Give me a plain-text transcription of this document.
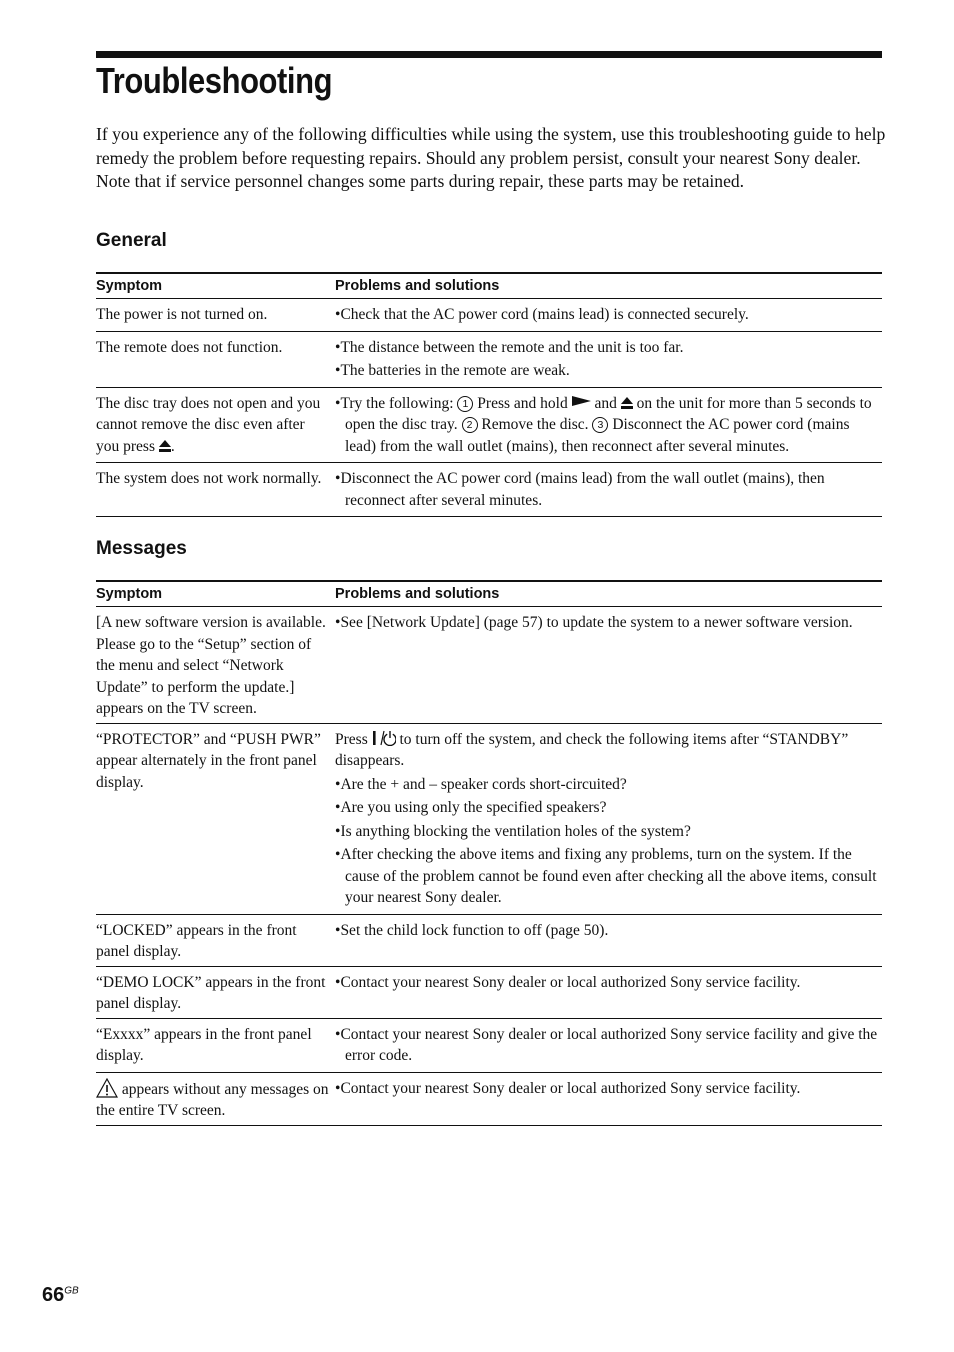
Troubleshooting

If you experience any of the following difficulties while using the system, use this troubleshooting guide to help remedy the problem before requesting repairs. Should any problem persist, consult your nearest Sony dealer.

Note that if service personnel changes some parts during repair, these parts may be retained.

General
Symptom	Problems and solutions
The power is not turned on.	• Check that the AC power cord (mains lead) is connected securely.

The remote does not function.	• The distance between the remote and the unit is too far.

• The batteries in the remote are weak.

The disc tray does not open and you cannot remove the disc even after you press .	• Try the following: 1 Press and hold and on the unit for more than 5 seconds to open the disc tray. 2 Remove the disc. 3 Disconnect the AC power cord (mains lead) from the wall outlet (mains), then reconnect after several minutes.

The system does not work normally.	• Disconnect the AC power cord (mains lead) from the wall outlet (mains), then reconnect after several minutes.

Messages
Symptom	Problems and solutions
[A new software version is available. Please go to the “Setup” section of the menu and select “Network Update” to perform the update.] appears on the TV screen.	• See [Network Update] (page 57) to update the system to a newer software version.

“PROTECTOR” and “PUSH PWR” appear alternately in the front panel display.	Press to turn off the system, and check the following items after “STANDBY” disappears.

• Are the + and – speaker cords short-circuited?

• Are you using only the specified speakers?

• Is anything blocking the ventilation holes of the system?

• After checking the above items and fixing any problems, turn on the system. If the cause of the problem cannot be found even after checking all the above items, consult your nearest Sony dealer.

“LOCKED” appears in the front panel display.	• Set the child lock function to off (page 50).

“DEMO LOCK” appears in the front panel display.	• Contact your nearest Sony dealer or local authorized Sony service facility.

“Exxxx” appears in the front panel display.	• Contact your nearest Sony dealer or local authorized Sony service facility and give the error code.

appears without any messages on the entire TV screen.	• Contact your nearest Sony dealer or local authorized Sony service facility.

$66^{GB}$
